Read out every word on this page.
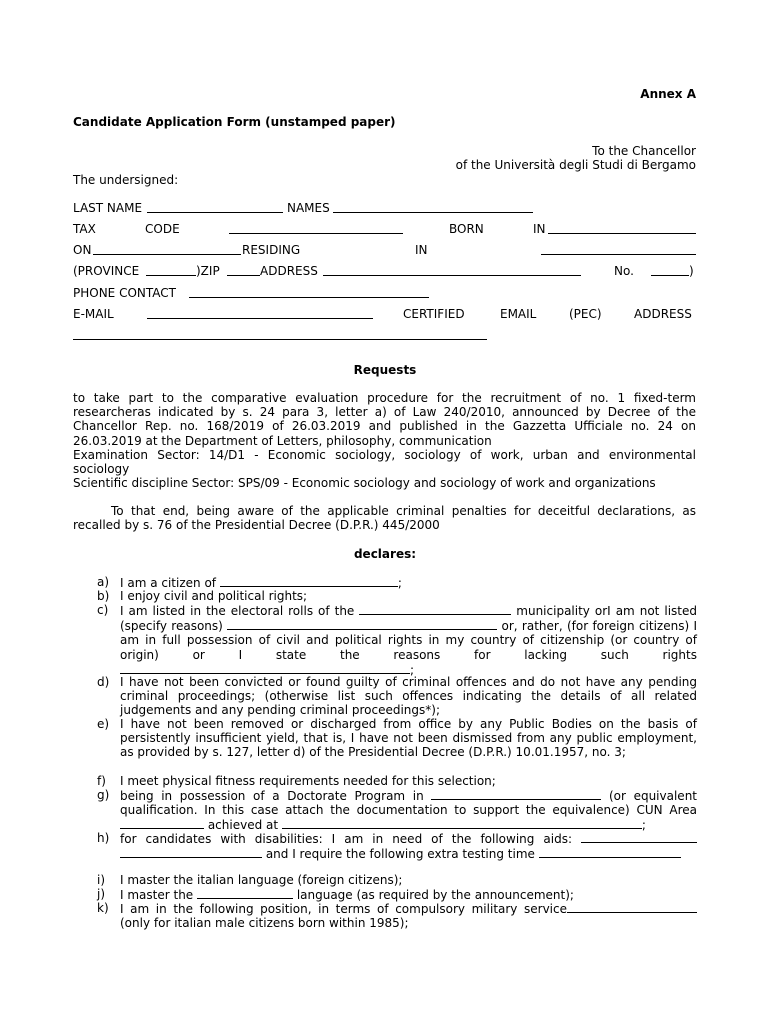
Annex A
Candidate Application Form (unstamped paper)
To the Chancellor
of the Università degli Studi di Bergamo
The undersigned:
LAST NAME	NAMES
TAX	CODE	BORN	IN
ON	RESIDING	IN
(PROVINCE	)ZIP	ADDRESS	No.	)
PHONE CONTACT
E-MAIL	CERTIFIED	EMAIL	(PEC)	ADDRESS
Requests
to take part to the comparative evaluation procedure for the recruitment of no. 1 fixed-term researcheras indicated by s. 24 para 3, letter a) of Law 240/2010, announced by Decree of the Chancellor Rep. no. 168/2019 of 26.03.2019 and published in the Gazzetta Ufficiale no. 24 on 26.03.2019 at the Department of Letters, philosophy, communication
Examination Sector: 14/D1 - Economic sociology, sociology of work, urban and environmental sociology
Scientific discipline Sector: SPS/09 - Economic sociology and sociology of work and organizations
To that end, being aware of the applicable criminal penalties for deceitful declarations, as recalled by s. 76 of the Presidential Decree (D.P.R.) 445/2000
declares:
a) I am a citizen of	;
b) I enjoy civil and political rights;
c) I am listed in the electoral rolls of the	municipality orI am not listed (specify reasons)	or, rather, (for foreign citizens) I am in full possession of civil and political rights in my country of citizenship (or country of origin) or I state the reasons for lacking such rights ;
d) I have not been convicted or found guilty of criminal offences and do not have any pending criminal proceedings; (otherwise list such offences indicating the details of all related judgements and any pending criminal proceedings*);
e) I have not been removed or discharged from office by any Public Bodies on the basis of persistently insufficient yield, that is, I have not been dismissed from any public employment, as provided by s. 127, letter d) of the Presidential Decree (D.P.R.) 10.01.1957, no. 3;
f) I meet physical fitness requirements needed for this selection;
g) being in possession of a Doctorate Program in	(or equivalent qualification. In this case attach the documentation to support the equivalence) CUN Area  achieved at	;
h) for candidates with disabilities: I am in need of the following aids:   and I require the following extra testing time
i) I master the italian language (foreign citizens);
j) I master the	language (as required by the announcement);
k) I am in the following position, in terms of compulsory military service (only for italian male citizens born within 1985);
